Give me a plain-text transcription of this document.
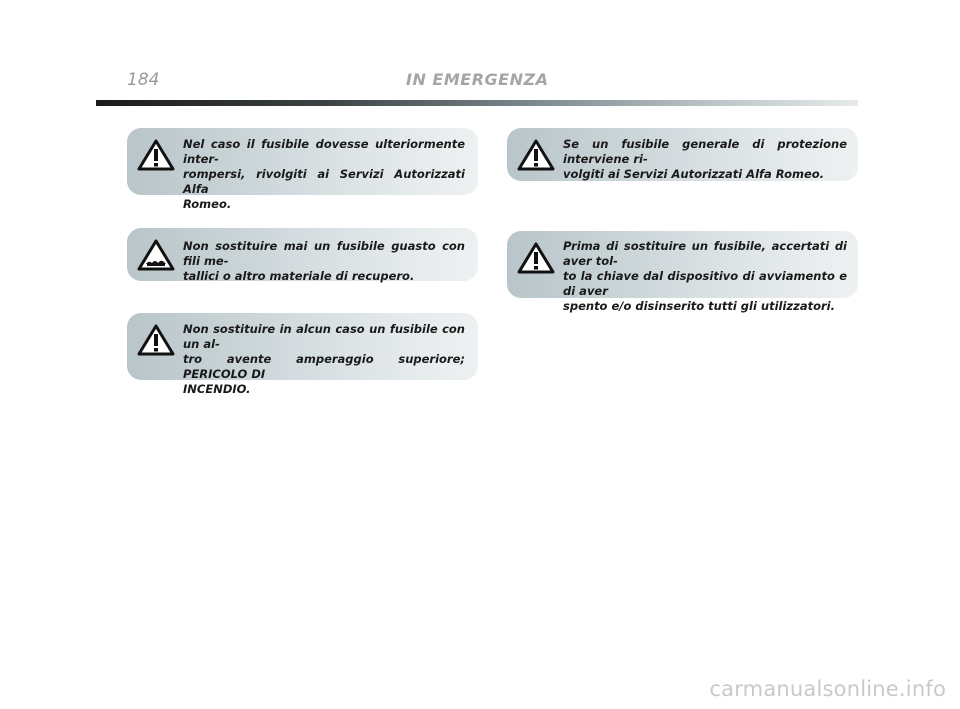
184	IN EMERGENZA
Nel caso il fusibile dovesse ulteriormente inter-
rompersi, rivolgiti ai Servizi Autorizzati Alfa
Romeo.
Non sostituire mai un fusibile guasto con fili me-
tallici o altro materiale di recupero.
Non sostituire in alcun caso un fusibile con un al-
tro avente amperaggio superiore; PERICOLO DI
INCENDIO.
Se un fusibile generale di protezione interviene ri-
volgiti ai Servizi Autorizzati Alfa Romeo.
Prima di sostituire un fusibile, accertati di aver tol-
to la chiave dal dispositivo di avviamento e di aver
spento e/o disinserito tutti gli utilizzatori.
carmanualsonline.info
